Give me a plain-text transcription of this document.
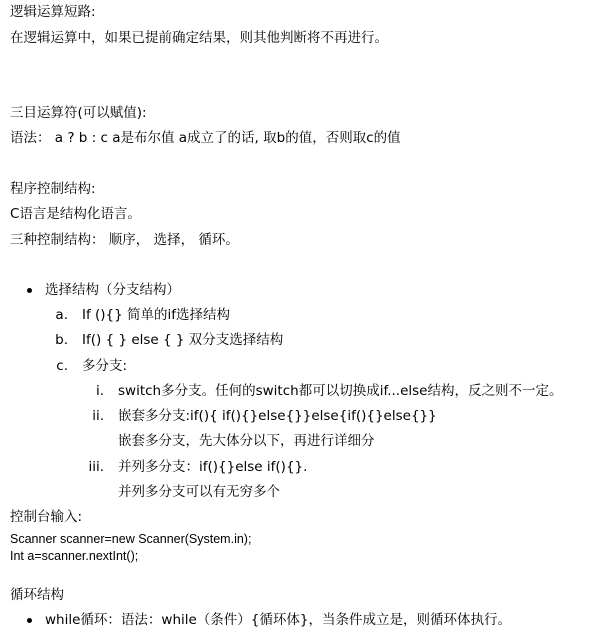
逻辑运算短路:
在逻辑运算中，如果已提前确定结果，则其他判断将不再进行。
三目运算符(可以赋值):
语法： a ? b : c a是布尔值 a成立了的话, 取b的值，否则取c的值
程序控制结构:
C语言是结构化语言。
三种控制结构： 顺序， 选择， 循环。
选择结构（分支结构）
a. If (){} 简单的if选择结构
b. If() { } else { } 双分支选择结构
c. 多分支:
i. switch多分支。任何的switch都可以切换成if...else结构，反之则不一定。
ii. 嵌套多分支:if(){ if(){}else{}}else{if(){}else{}}
嵌套多分支，先大体分以下，再进行详细分
iii. 并列多分支：if(){}else if(){}.
并列多分支可以有无穷多个
控制台输入:
Scanner scanner=new Scanner(System.in);
Int a=scanner.nextInt();
循环结构
while循环：语法：while（条件）{循环体}，当条件成立是，则循环体执行。
